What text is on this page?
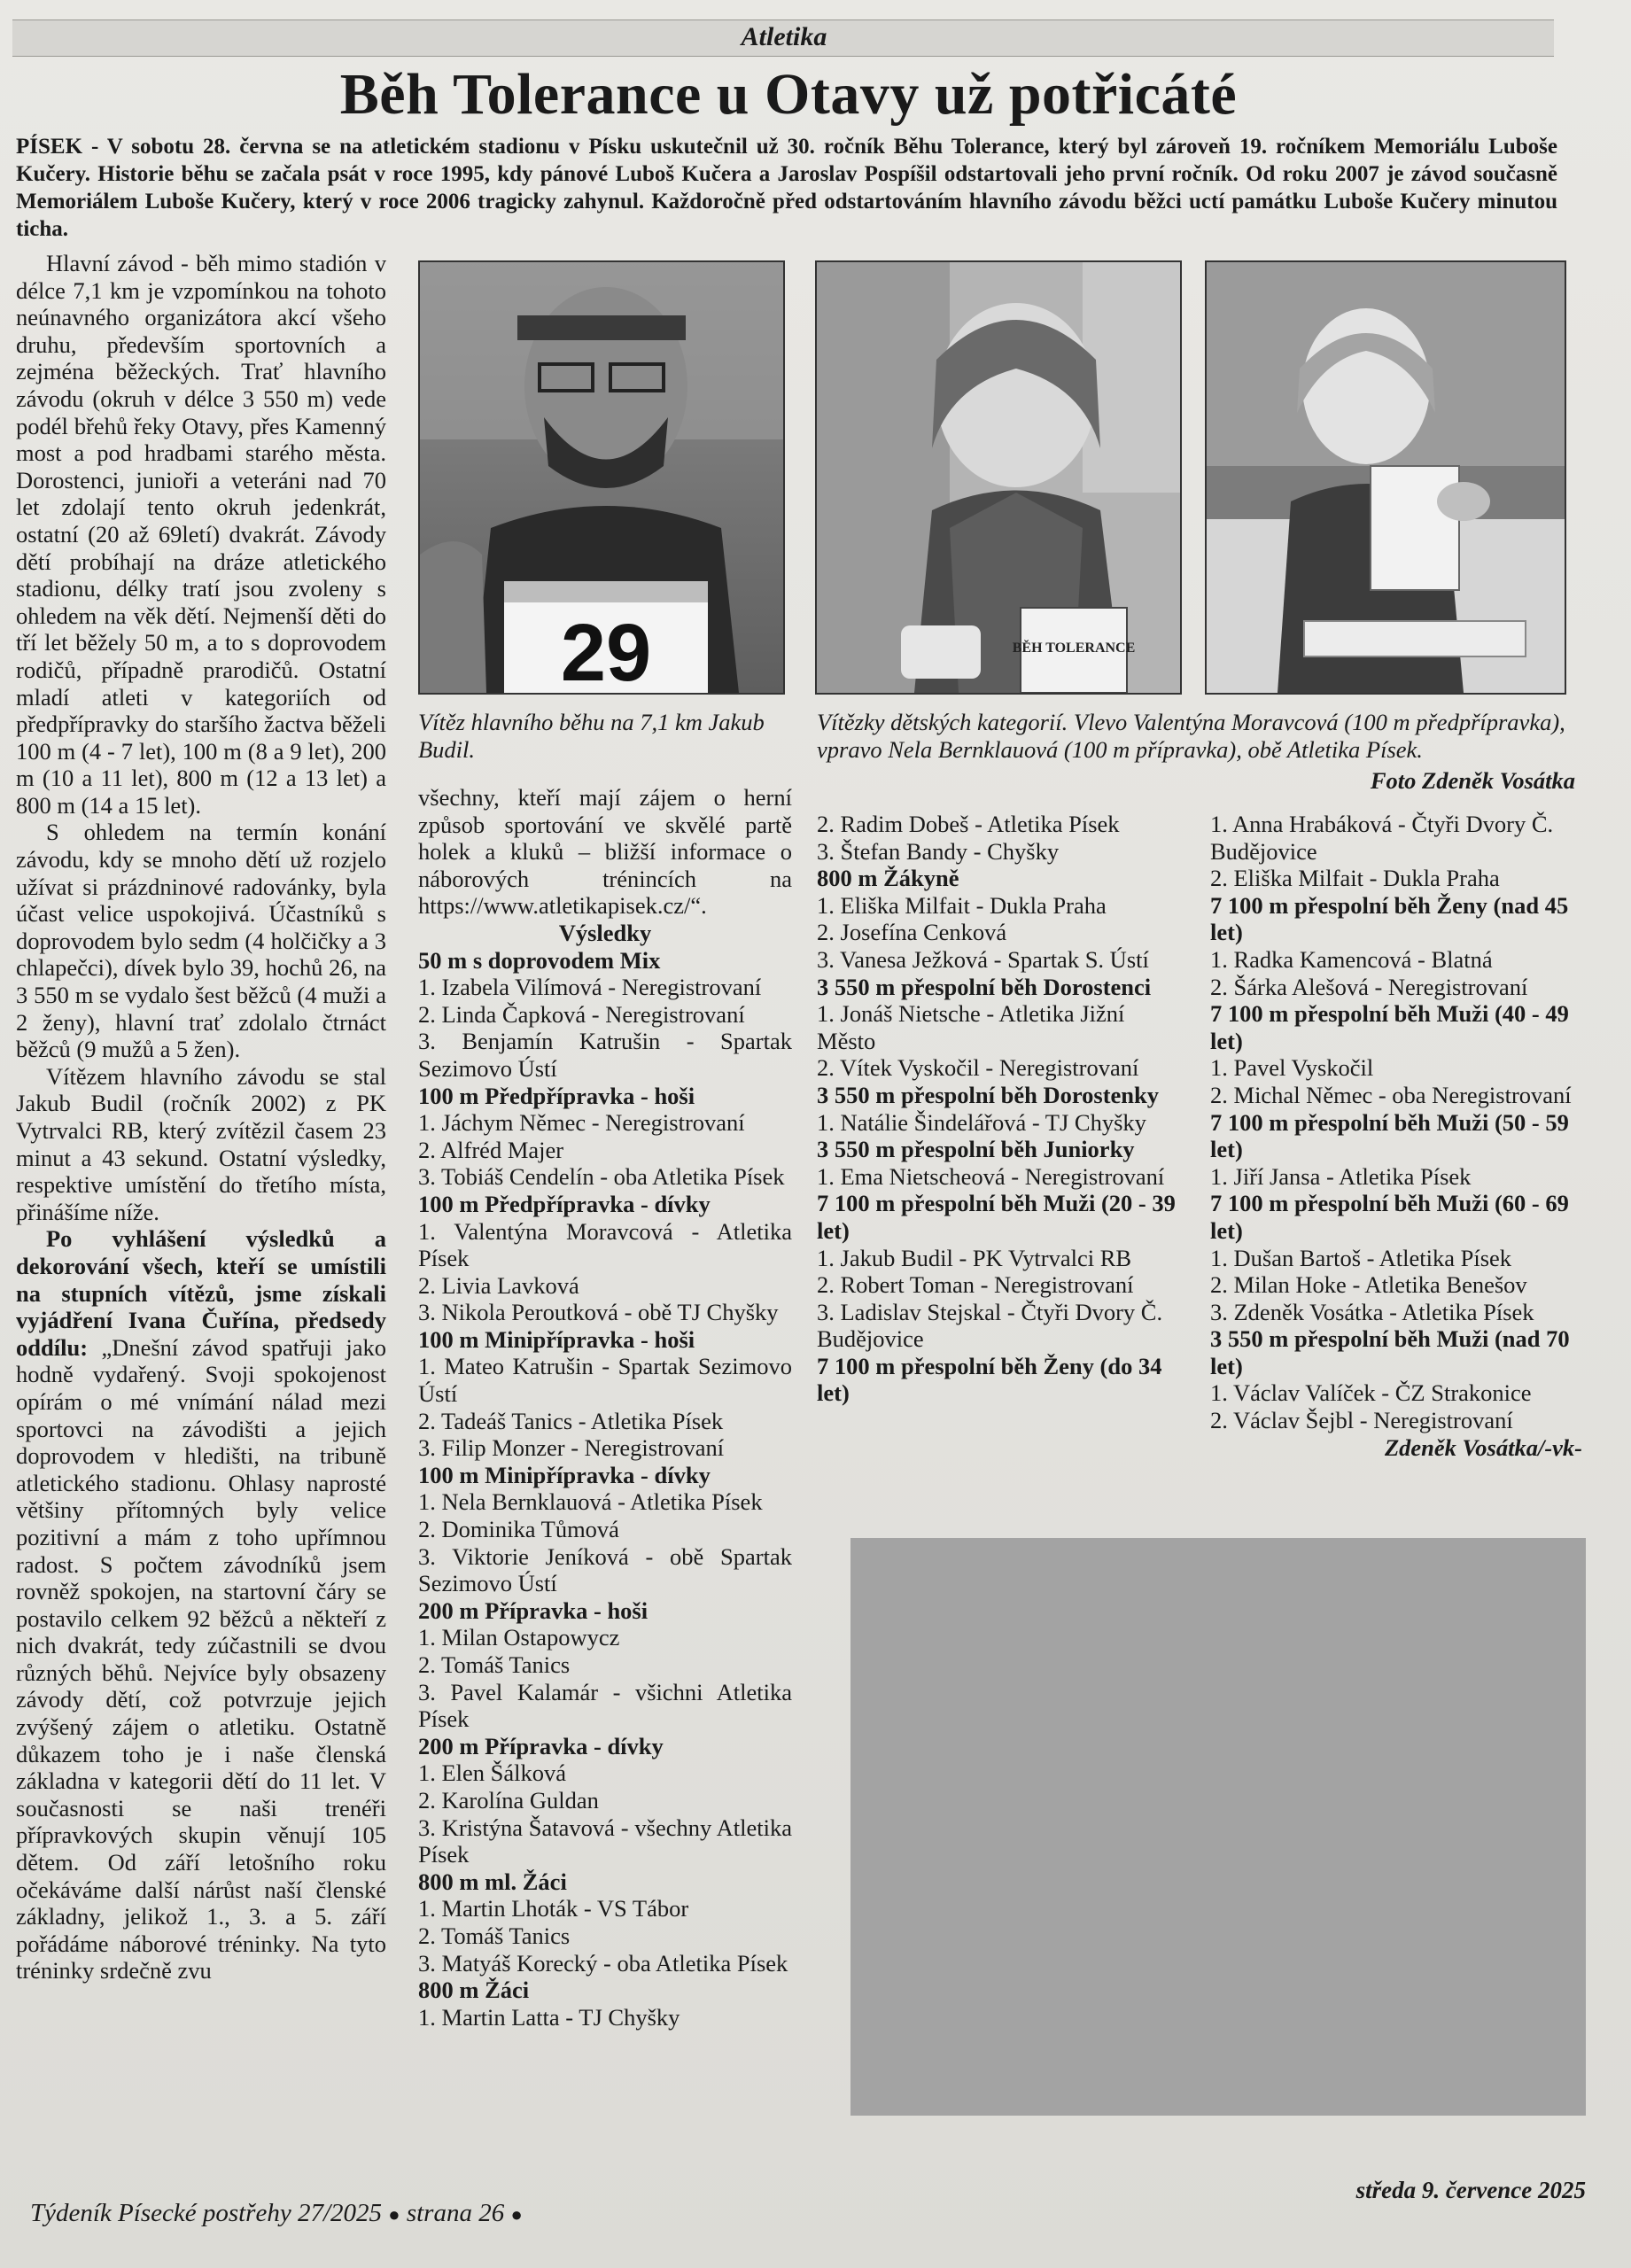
Atletika
Běh Tolerance u Otavy už potřicáté
PÍSEK - V sobotu 28. června se na atletickém stadionu v Písku uskutečnil už 30. ročník Běhu Tolerance, který byl zároveň 19. ročníkem Memoriálu Luboše Kučery. Historie běhu se začala psát v roce 1995, kdy pánové Luboš Kučera a Jaroslav Pospíšil odstartovali jeho první ročník. Od roku 2007 je závod současně Memoriálem Luboše Kučery, který v roce 2006 tragicky zahynul. Každoročně před odstartováním hlavního závodu běžci uctí památku Luboše Kučery minutou ticha.

Hlavní závod - běh mimo stadión v délce 7,1 km je vzpomínkou na tohoto neúnavného organizátora akcí všeho druhu, především sportovních a zejména běžeckých. Trať hlavního závodu (okruh v délce 3 550 m) vede podél břehů řeky Otavy, přes Kamenný most a pod hradbami starého města. Dorostenci, junioři a veteráni nad 70 let zdolají tento okruh jedenkrát, ostatní (20 až 69letí) dvakrát. Závody dětí probíhají na dráze atletického stadionu, délky tratí jsou zvoleny s ohledem na věk dětí. Nejmenší děti do tří let běžely 50 m, a to s doprovodem rodičů, případně prarodičů. Ostatní mladí atleti v kategoriích od předpřípravky do staršího žactva běželi 100 m (4 - 7 let), 100 m (8 a 9 let), 200 m (10 a 11 let), 800 m (12 a 13 let) a 800 m (14 a 15 let).

S ohledem na termín konání závodu, kdy se mnoho dětí už rozjelo užívat si prázdninové radovánky, byla účast velice uspokojivá. Účastníků s doprovodem bylo sedm (4 holčičky a 3 chlapečci), dívek bylo 39, hochů 26, na 3 550 m se vydalo šest běžců (4 muži a 2 ženy), hlavní trať zdolalo čtrnáct běžců (9 mužů a 5 žen).

Vítězem hlavního závodu se stal Jakub Budil (ročník 2002) z PK Vytrvalci RB, který zvítězil časem 23 minut a 43 sekund. Ostatní výsledky, respektive umístění do třetího místa, přinášíme níže.

Po vyhlášení výsledků a dekorování všech, kteří se umístili na stupních vítězů, jsme získali vyjádření Ivana Čuřína, předsedy oddílu: „Dnešní závod spatřuji jako hodně vydařený. Svoji spokojenost opírám o mé vnímání nálad mezi sportovci na závodišti a jejich doprovodem v hledišti, na tribuně atletického stadionu. Ohlasy naprosté většiny přítomných byly velice pozitivní a mám z toho upřímnou radost. S počtem závodníků jsem rovněž spokojen, na startovní čáry se postavilo celkem 92 běžců a někteří z nich dvakrát, tedy zúčastnili se dvou různých běhů. Nejvíce byly obsazeny závody dětí, což potvrzuje jejich zvýšený zájem o atletiku. Ostatně důkazem toho je i naše členská základna v kategorii dětí do 11 let. V současnosti se naši trenéři přípravkových skupin věnují 105 dětem. Od září letošního roku očekáváme další nárůst naší členské základny, jelikož 1., 3. a 5. září pořádáme náborové tréninky. Na tyto tréninky srdečně zvu

29	BĚH TOLERANCE
Vítěz hlavního běhu na 7,1 km Jakub Budil.
Vítězky dětských kategorií. Vlevo Valentýna Moravcová (100 m předpřípravka), vpravo Nela Bernklauová (100 m přípravka), obě Atletika Písek.
Foto Zdeněk Vosátka

všechny, kteří mají zájem o herní způsob sportování ve skvělé partě holek a kluků – bližší informace o náborových trénincích na https://www.atletikapisek.cz/“.

Výsledky
50 m s doprovodem Mix
1. Izabela Vilímová - Neregistrovaní
2. Linda Čapková - Neregistrovaní
3. Benjamín Katrušin - Spartak Sezimovo Ústí
100 m Předpřípravka - hoši
1. Jáchym Němec - Neregistrovaní
2. Alfréd Majer
3. Tobiáš Cendelín - oba Atletika Písek
100 m Předpřípravka - dívky
1. Valentýna Moravcová - Atletika Písek
2. Livia Lavková
3. Nikola Peroutková - obě TJ Chyšky
100 m Minipřípravka - hoši
1. Mateo Katrušin - Spartak Sezimovo Ústí
2. Tadeáš Tanics - Atletika Písek
3. Filip Monzer - Neregistrovaní
100 m Minipřípravka - dívky
1. Nela Bernklauová - Atletika Písek
2. Dominika Tůmová
3. Viktorie Jeníková - obě Spartak Sezimovo Ústí
200 m Přípravka - hoši
1. Milan Ostapowycz
2. Tomáš Tanics
3. Pavel Kalamár - všichni Atletika Písek
200 m Přípravka - dívky
1. Elen Šálková
2. Karolína Guldan
3. Kristýna Šatavová - všechny Atletika Písek
800 m ml. Žáci
1. Martin Lhoták - VS Tábor
2. Tomáš Tanics
3. Matyáš Korecký - oba Atletika Písek
800 m Žáci
1. Martin Latta - TJ Chyšky
2. Radim Dobeš - Atletika Písek
3. Štefan Bandy - Chyšky
800 m Žákyně
1. Eliška Milfait - Dukla Praha
2. Josefína Cenková
3. Vanesa Ježková - Spartak S. Ústí
3 550 m přespolní běh Dorostenci
1. Jonáš Nietsche - Atletika Jižní Město
2. Vítek Vyskočil - Neregistrovaní
3 550 m přespolní běh Dorostenky
1. Natálie Šindelářová - TJ Chyšky
3 550 m přespolní běh Juniorky
1. Ema Nietscheová - Neregistrovaní
7 100 m přespolní běh Muži (20 - 39 let)
1. Jakub Budil - PK Vytrvalci RB
2. Robert Toman - Neregistrovaní
3. Ladislav Stejskal - Čtyři Dvory Č. Budějovice
7 100 m přespolní běh Ženy (do 34 let)
1. Anna Hrabáková - Čtyři Dvory Č. Budějovice
2. Eliška Milfait - Dukla Praha
7 100 m přespolní běh Ženy (nad 45 let)
1. Radka Kamencová - Blatná
2. Šárka Alešová - Neregistrovaní
7 100 m přespolní běh Muži (40 - 49 let)
1. Pavel Vyskočil
2. Michal Němec - oba Neregistrovaní
7 100 m přespolní běh Muži (50 - 59 let)
1. Jiří Jansa - Atletika Písek
7 100 m přespolní běh Muži (60 - 69 let)
1. Dušan Bartoš - Atletika Písek
2. Milan Hoke - Atletika Benešov
3. Zdeněk Vosátka - Atletika Písek
3 550 m přespolní běh Muži (nad 70 let)
1. Václav Valíček - ČZ Strakonice
2. Václav Šejbl - Neregistrovaní
Zdeněk Vosátka/-vk-
Týdeník Písecké postřehy 27/2025 ● strana 26 ●
středa 9. července 2025
